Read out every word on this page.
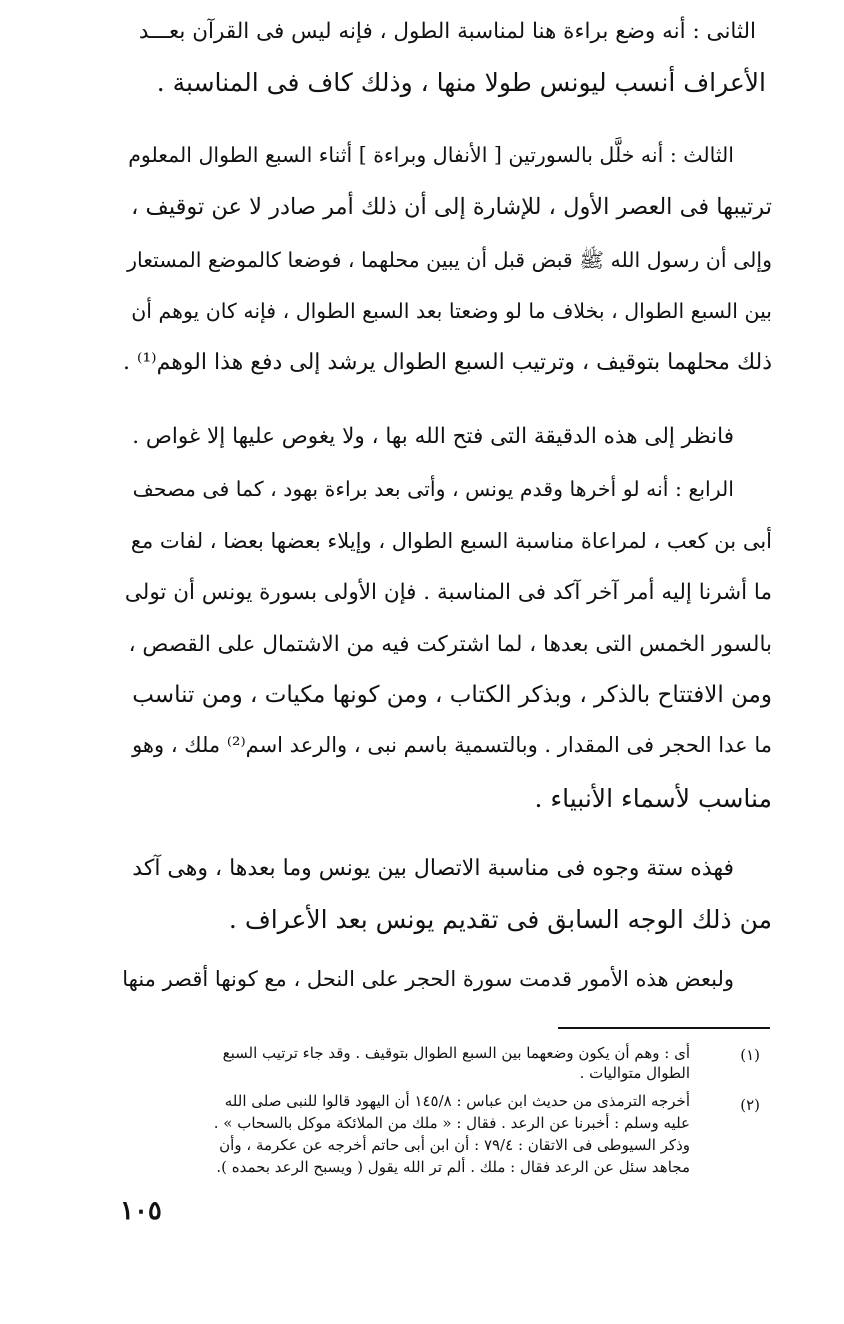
الثانى : أنه وضع براءة هنا لمناسبة الطول ، فإنه ليس فى القرآن بعـــد
الأعراف أنسب ليونس طولا منها ، وذلك كاف فى المناسبة .
الثالث : أنه خلَّل بالسورتين [ الأنفال وبراءة ] أثناء السبع الطوال المعلوم
ترتيبها فى العصر الأول ، للإشارة إلى أن ذلك أمر صادر لا عن توقيف ،
وإلى أن رسول الله ﷺ قبض قبل أن يبين محلهما ، فوضعا كالموضع المستعار
بين السبع الطوال ، بخلاف ما لو وضعتا بعد السبع الطوال ، فإنه كان يوهم أن
ذلك محلهما بتوقيف ، وترتيب السبع الطوال يرشد إلى دفع هذا الوهم⁽¹⁾ .
فانظر إلى هذه الدقيقة التى فتح الله بها ، ولا يغوص عليها إلا غواص .
الرابع : أنه لو أخرها وقدم يونس ، وأتى بعد براءة بهود ، كما فى مصحف
أبى بن كعب ، لمراعاة مناسبة السبع الطوال ، وإيلاء بعضها بعضا ، لفات مع
ما أشرنا إليه أمر آخر آكد فى المناسبة . فإن الأولى بسورة يونس أن تولى
بالسور الخمس التى بعدها ، لما اشتركت فيه من الاشتمال على القصص ،
ومن الافتتاح بالذكر ، وبذكر الكتاب ، ومن كونها مكيات ، ومن تناسب
ما عدا الحجر فى المقدار . وبالتسمية باسم نبى ، والرعد اسم⁽²⁾ ملك ، وهو
مناسب لأسماء الأنبياء .
فهذه ستة وجوه فى مناسبة الاتصال بين يونس وما بعدها ، وهى آكد
من ذلك الوجه السابق فى تقديم يونس بعد الأعراف .
ولبعض هذه الأمور قدمت سورة الحجر على النحل ، مع كونها أقصر منها
(١)
أى : وهم أن يكون وضعهما بين السبع الطوال بتوقيف . وقد جاء ترتيب السبع
الطوال متواليات .
(٢)
أخرجه الترمذى من حديث ابن عباس : ١٤٥/٨ أن اليهود قالوا للنبى صلى الله
عليه وسلم : أخبرنا عن الرعد . فقال : « ملك من الملائكة موكل بالسحاب » .
وذكر السيوطى فى الاتقان : ٧٩/٤ : أن ابن أبى حاتم أخرجه عن عكرمة ، وأن
مجاهد سئل عن الرعد فقال : ملك . ألم تر الله يقول ( ويسبح الرعد بحمده ).
١٠٥
